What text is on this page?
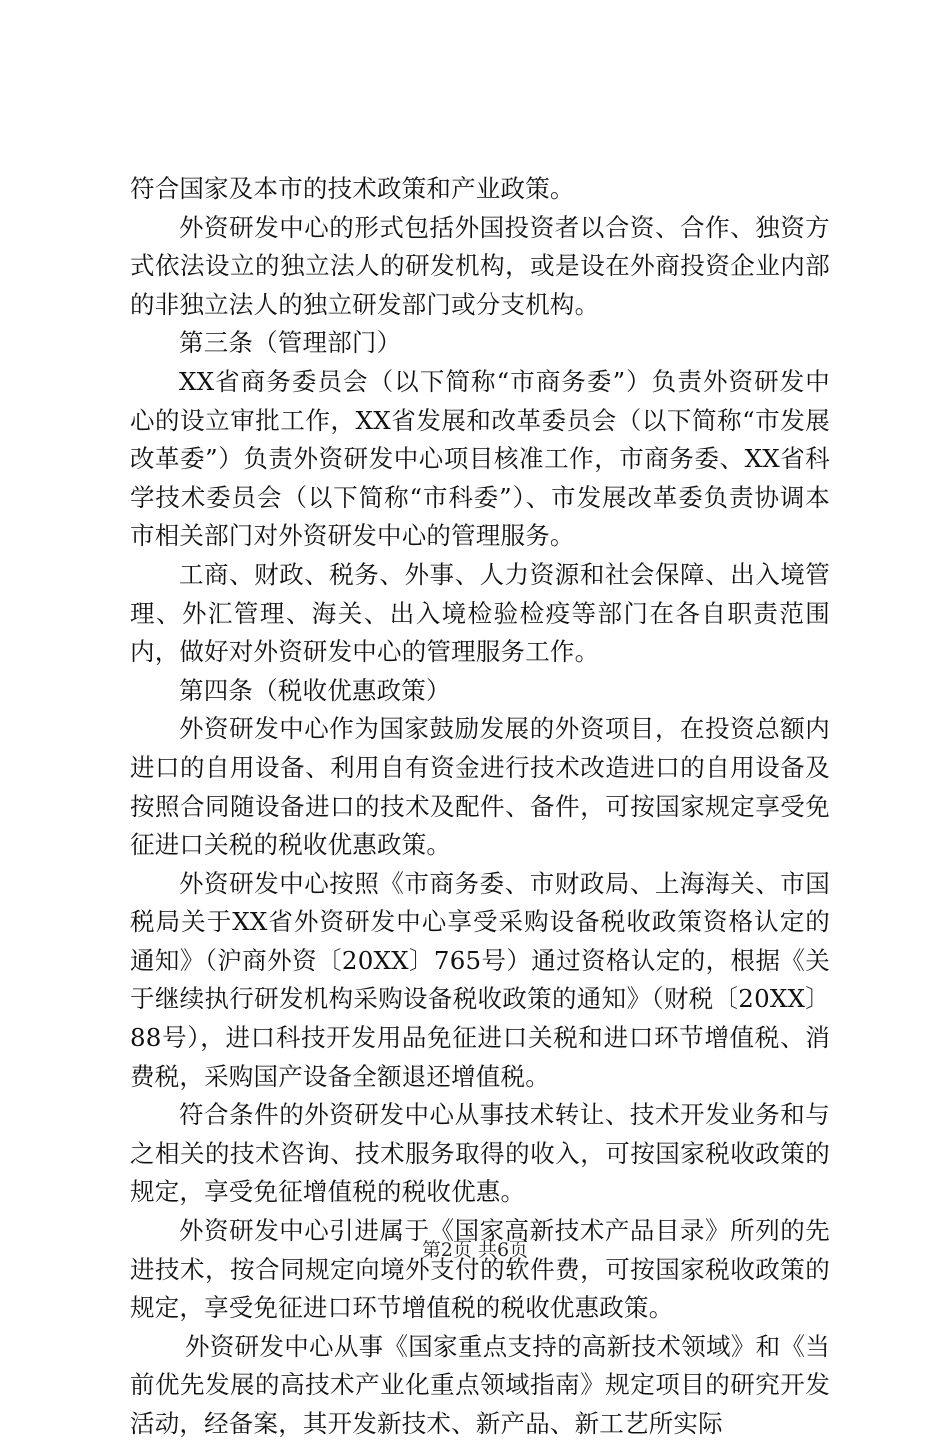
符合国家及本市的技术政策和产业政策。

外资研发中心的形式包括外国投资者以合资、合作、独资方式依法设立的独立法人的研发机构，或是设在外商投资企业内部的非独立法人的独立研发部门或分支机构。

第三条（管理部门）

XX省商务委员会（以下简称“市商务委”）负责外资研发中心的设立审批工作，XX省发展和改革委员会（以下简称“市发展改革委”）负责外资研发中心项目核准工作，市商务委、XX省科学技术委员会（以下简称“市科委”）、市发展改革委负责协调本市相关部门对外资研发中心的管理服务。

工商、财政、税务、外事、人力资源和社会保障、出入境管理、外汇管理、海关、出入境检验检疫等部门在各自职责范围内，做好对外资研发中心的管理服务工作。

第四条（税收优惠政策）

外资研发中心作为国家鼓励发展的外资项目，在投资总额内进口的自用设备、利用自有资金进行技术改造进口的自用设备及按照合同随设备进口的技术及配件、备件，可按国家规定享受免征进口关税的税收优惠政策。

外资研发中心按照《市商务委、市财政局、上海海关、市国税局关于XX省外资研发中心享受采购设备税收政策资格认定的通知》（沪商外资〔20XX〕765号）通过资格认定的，根据《关于继续执行研发机构采购设备税收政策的通知》（财税〔20XX〕88号），进口科技开发用品免征进口关税和进口环节增值税、消费税，采购国产设备全额退还增值税。

符合条件的外资研发中心从事技术转让、技术开发业务和与之相关的技术咨询、技术服务取得的收入，可按国家税收政策的规定，享受免征增值税的税收优惠。

外资研发中心引进属于《国家高新技术产品目录》所列的先进技术，按合同规定向境外支付的软件费，可按国家税收政策的规定，享受免征进口环节增值税的税收优惠政策。

外资研发中心从事《国家重点支持的高新技术领域》和《当前优先发展的高技术产业化重点领域指南》规定项目的研究开发活动，经备案，其开发新技术、新产品、新工艺所实际

第2页 共6页
